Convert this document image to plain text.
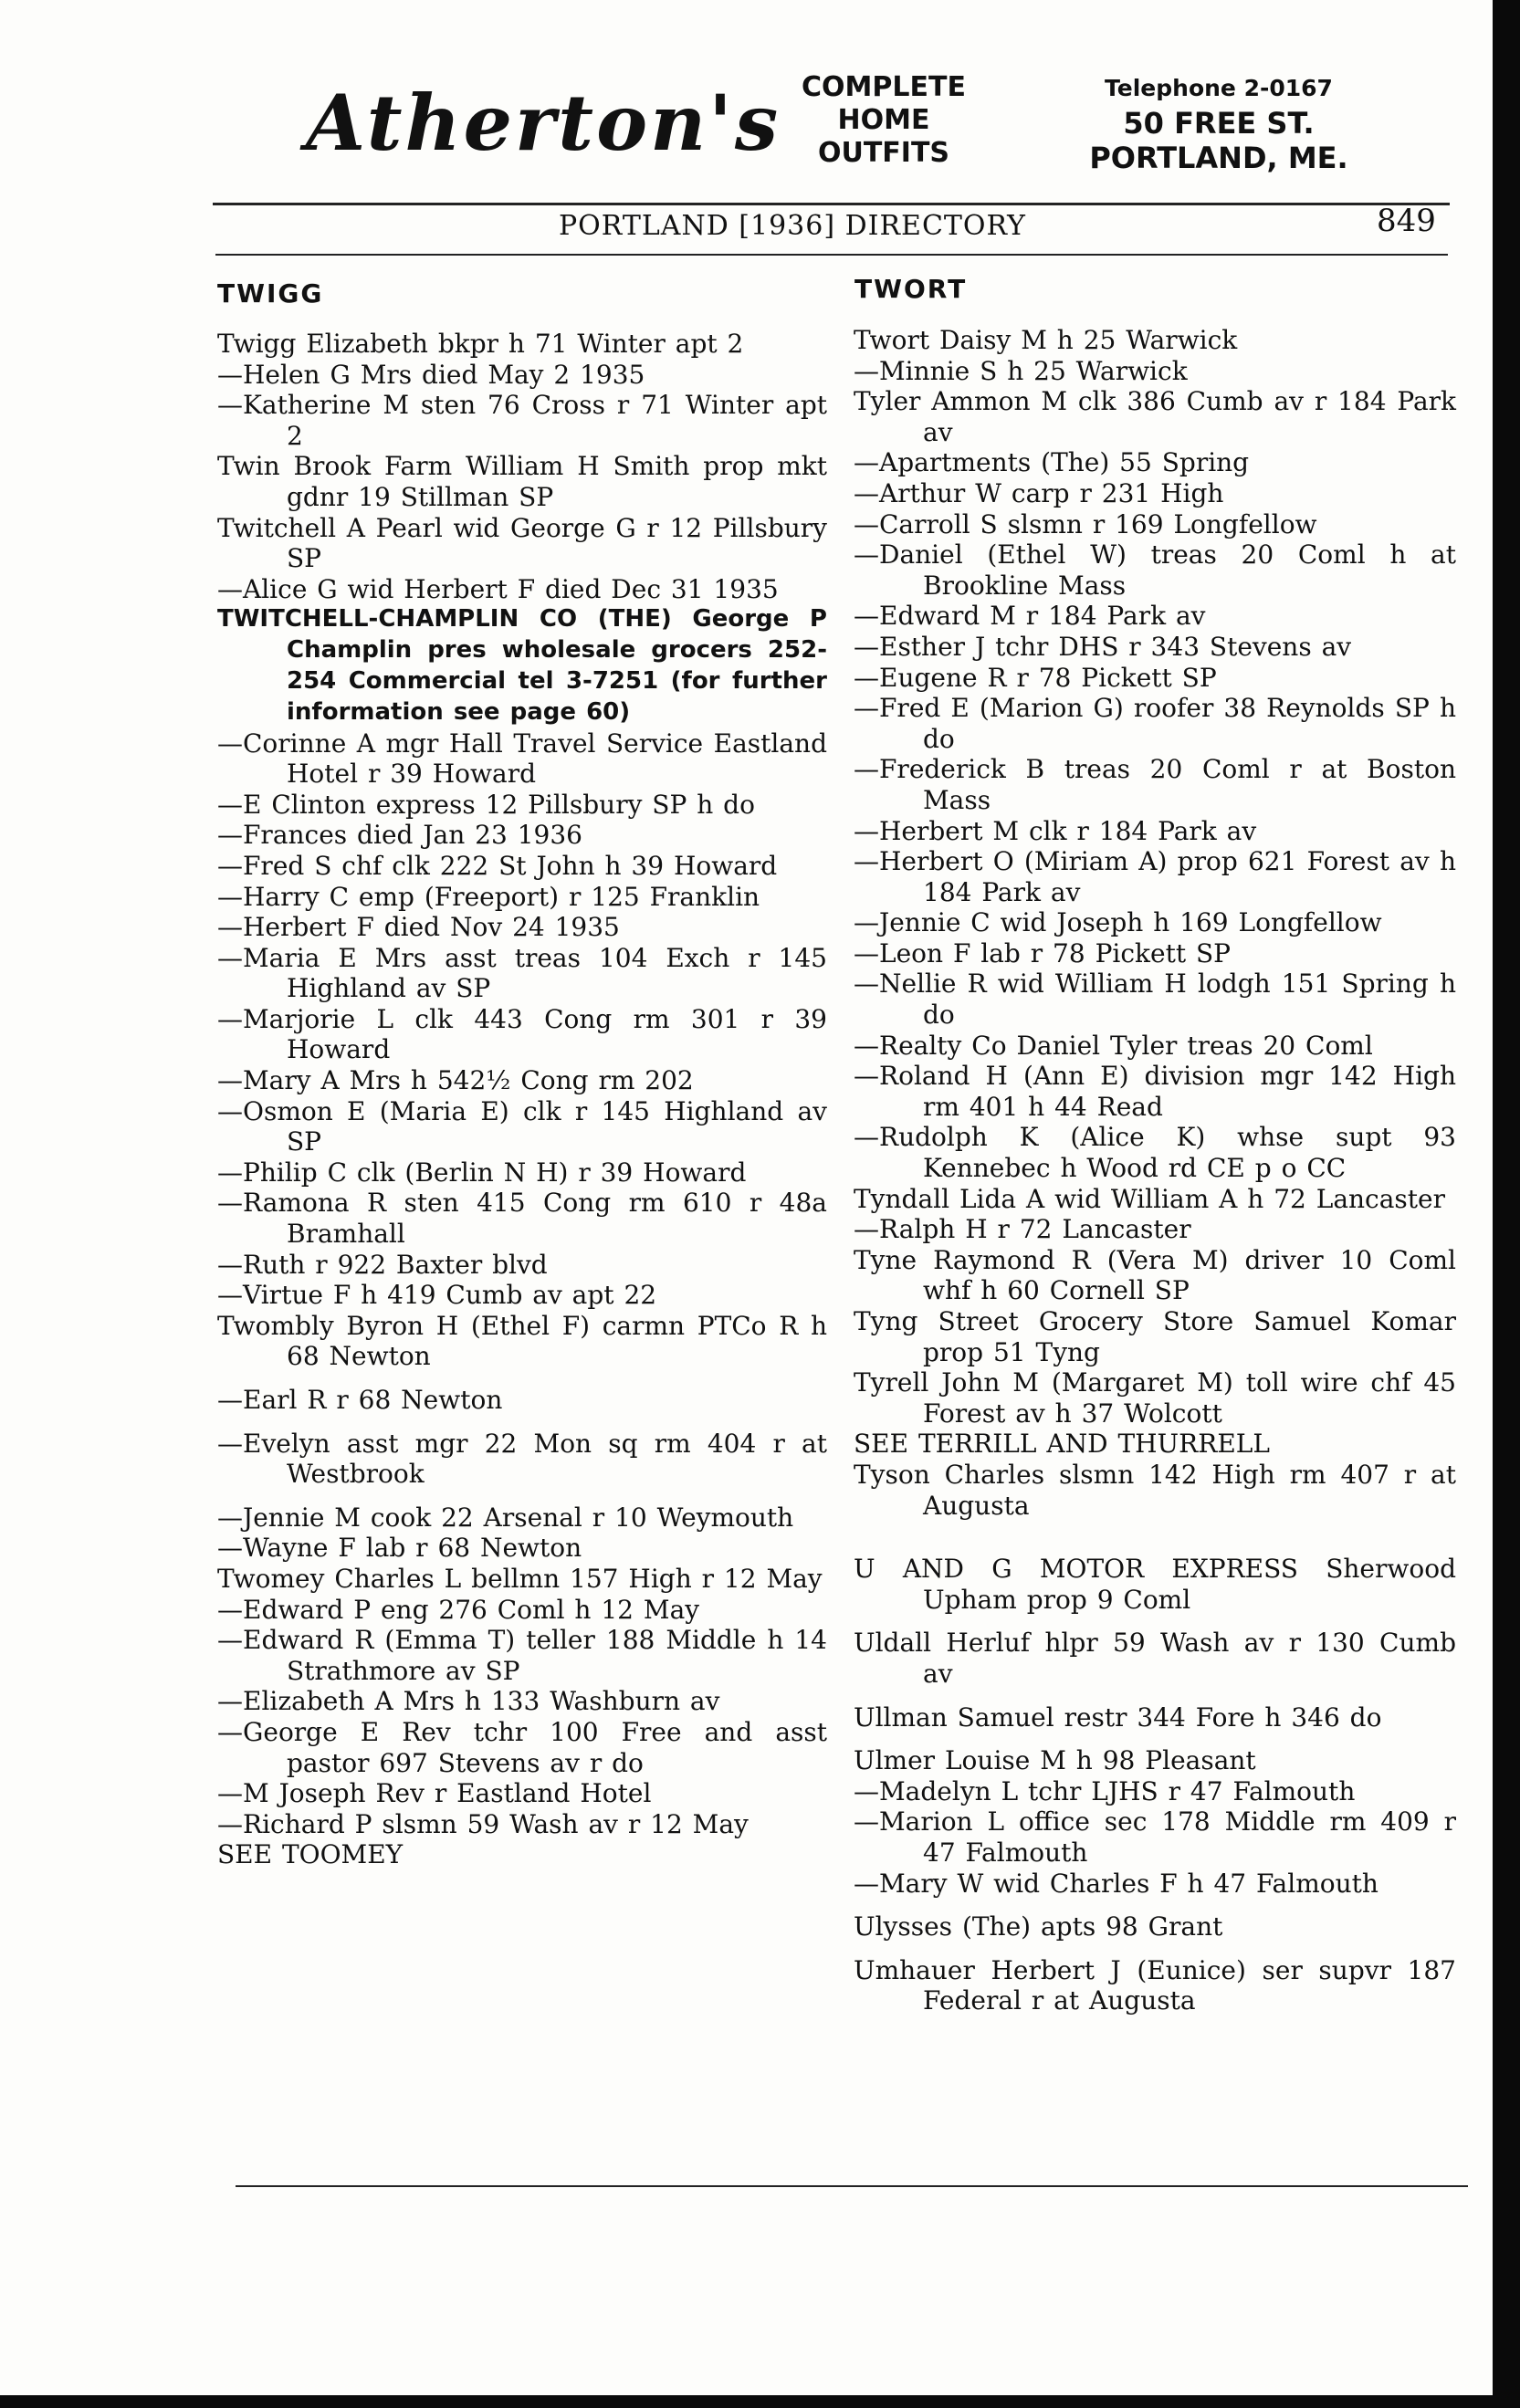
Atherton's COMPLETE
HOME
OUTFITS
Telephone 2-0167
50 FREE ST.
PORTLAND, ME.
PORTLAND [1936] DIRECTORY	849
TWIGG	TWORT
Twigg Elizabeth bkpr h 71 Winter apt 2
—Helen G Mrs died May 2 1935
—Katherine M sten 76 Cross r 71 Winter apt 2
Twin Brook Farm William H Smith prop mkt gdnr 19 Stillman SP
Twitchell A Pearl wid George G r 12 Pillsbury SP
—Alice G wid Herbert F died Dec 31 1935
TWITCHELL-CHAMPLIN CO (THE) George P Champlin pres wholesale grocers 252-254 Commercial tel 3-7251 (for further information see page 60)
—Corinne A mgr Hall Travel Service Eastland Hotel r 39 Howard
—E Clinton express 12 Pillsbury SP h do
—Frances died Jan 23 1936
—Fred S chf clk 222 St John h 39 Howard
—Harry C emp (Freeport) r 125 Franklin
—Herbert F died Nov 24 1935
—Maria E Mrs asst treas 104 Exch r 145 Highland av SP
—Marjorie L clk 443 Cong rm 301 r 39 Howard
—Mary A Mrs h 542½ Cong rm 202
—Osmon E (Maria E) clk r 145 Highland av SP
—Philip C clk (Berlin N H) r 39 Howard
—Ramona R sten 415 Cong rm 610 r 48a Bramhall
—Ruth r 922 Baxter blvd
—Virtue F h 419 Cumb av apt 22
Twombly Byron H (Ethel F) carmn PTCo R h 68 Newton
—Earl R r 68 Newton
—Evelyn asst mgr 22 Mon sq rm 404 r at Westbrook
—Jennie M cook 22 Arsenal r 10 Weymouth
—Wayne F lab r 68 Newton
Twomey Charles L bellmn 157 High r 12 May
—Edward P eng 276 Coml h 12 May
—Edward R (Emma T) teller 188 Middle h 14 Strathmore av SP
—Elizabeth A Mrs h 133 Washburn av
—George E Rev tchr 100 Free and asst pastor 697 Stevens av r do
—M Joseph Rev r Eastland Hotel
—Richard P slsmn 59 Wash av r 12 May
SEE TOOMEY
Twort Daisy M h 25 Warwick
—Minnie S h 25 Warwick
Tyler Ammon M clk 386 Cumb av r 184 Park av
—Apartments (The) 55 Spring
—Arthur W carp r 231 High
—Carroll S slsmn r 169 Longfellow
—Daniel (Ethel W) treas 20 Coml h at Brookline Mass
—Edward M r 184 Park av
—Esther J tchr DHS r 343 Stevens av
—Eugene R r 78 Pickett SP
—Fred E (Marion G) roofer 38 Reynolds SP h do
—Frederick B treas 20 Coml r at Boston Mass
—Herbert M clk r 184 Park av
—Herbert O (Miriam A) prop 621 Forest av h 184 Park av
—Jennie C wid Joseph h 169 Longfellow
—Leon F lab r 78 Pickett SP
—Nellie R wid William H lodgh 151 Spring h do
—Realty Co Daniel Tyler treas 20 Coml
—Roland H (Ann E) division mgr 142 High rm 401 h 44 Read
—Rudolph K (Alice K) whse supt 93 Kennebec h Wood rd CE p o CC
Tyndall Lida A wid William A h 72 Lancaster
—Ralph H r 72 Lancaster
Tyne Raymond R (Vera M) driver 10 Coml whf h 60 Cornell SP
Tyng Street Grocery Store Samuel Komar prop 51 Tyng
Tyrell John M (Margaret M) toll wire chf 45 Forest av h 37 Wolcott
SEE TERRILL AND THURRELL
Tyson Charles slsmn 142 High rm 407 r at Augusta
U AND G MOTOR EXPRESS Sherwood Upham prop 9 Coml
Uldall Herluf hlpr 59 Wash av r 130 Cumb av
Ullman Samuel restr 344 Fore h 346 do
Ulmer Louise M h 98 Pleasant
—Madelyn L tchr LJHS r 47 Falmouth
—Marion L office sec 178 Middle rm 409 r 47 Falmouth
—Mary W wid Charles F h 47 Falmouth
Ulysses (The) apts 98 Grant
Umhauer Herbert J (Eunice) ser supvr 187 Federal r at Augusta
